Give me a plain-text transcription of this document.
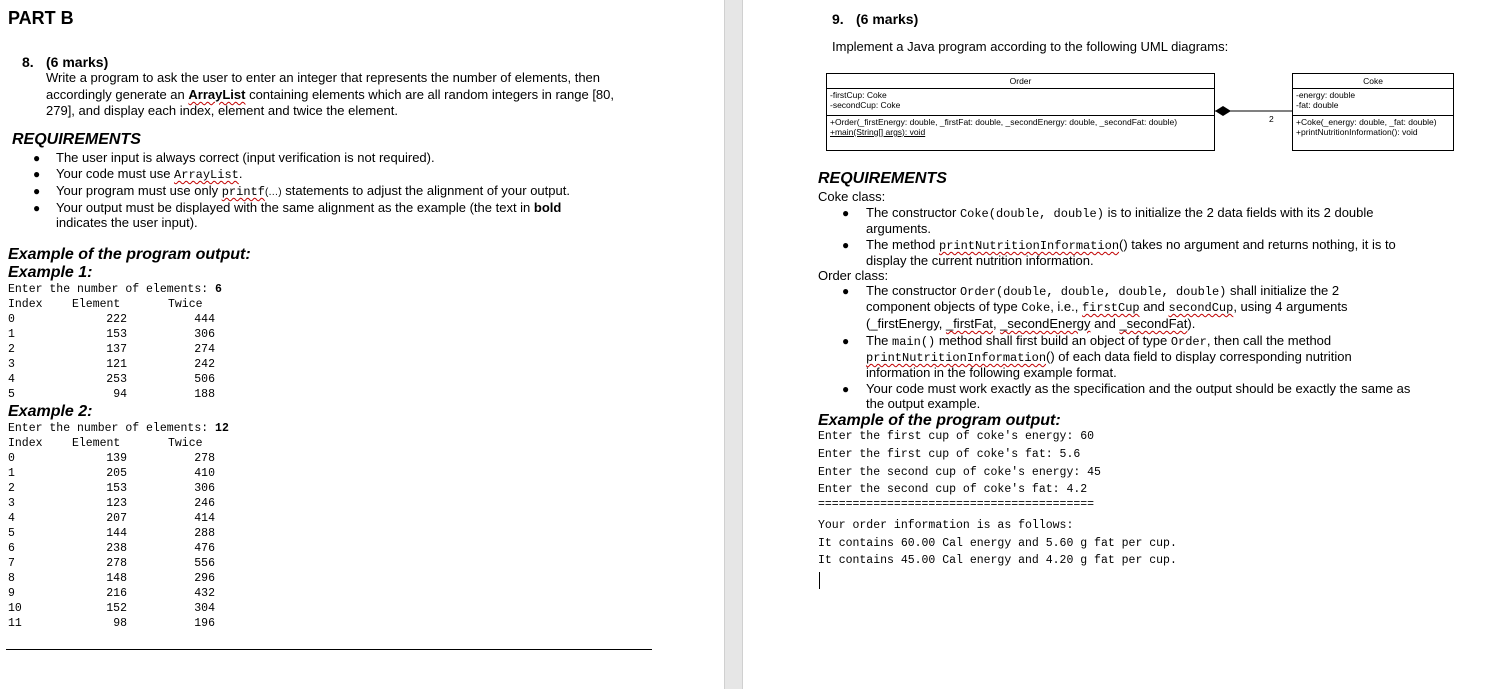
PART B
8. (6 marks)
Write a program to ask the user to enter an integer that represents the number of elements, then
accordingly generate an ArrayList containing elements which are all random integers in range [80,
279], and display each index, element and twice the element.
REQUIREMENTS
● The user input is always correct (input verification is not required).
● Your code must use ArrayList.
● Your program must use only printf(…) statements to adjust the alignment of your output.
● Your output must be displayed with the same alignment as the example (the text in bold
indicates the user input).
Example of the program output:
Example 1:
Enter the number of elements: 6
Index	Element	Twice
0	222	444
1	153	306
2	137	274
3	121	242
4	253	506
5	94	188
Example 2:
Enter the number of elements: 12
Index	Element	Twice
0	139	278
1	205	410
2	153	306
3	123	246
4	207	414
5	144	288
6	238	476
7	278	556
8	148	296
9	216	432
10	152	304
11	98	196
9. (6 marks)
Implement a Java program according to the following UML diagrams:
Order
-firstCup: Coke
-secondCup: Coke
+Order(_firstEnergy: double, _firstFat: double, _secondEnergy: double, _secondFat: double)
+main(String[] args): void
2
Coke
-energy: double
-fat: double
+Coke(_energy: double, _fat: double)
+printNutritionInformation(): void
REQUIREMENTS
Coke class:
● The constructor Coke(double, double) is to initialize the 2 data fields with its 2 double
arguments.
● The method printNutritionInformation() takes no argument and returns nothing, it is to
display the current nutrition information.
Order class:
● The constructor Order(double, double, double, double) shall initialize the 2
component objects of type Coke, i.e., firstCup and secondCup, using 4 arguments
(_firstEnergy, _firstFat, _secondEnergy and _secondFat).
● The main() method shall first build an object of type Order, then call the method
printNutritionInformation() of each data field to display corresponding nutrition
information in the following example format.
● Your code must work exactly as the specification and the output should be exactly the same as
the output example.
Example of the program output:
Enter the first cup of coke's energy: 60
Enter the first cup of coke's fat: 5.6
Enter the second cup of coke's energy: 45
Enter the second cup of coke's fat: 4.2
========================================
Your order information is as follows:
It contains 60.00 Cal energy and 5.60 g fat per cup.
It contains 45.00 Cal energy and 4.20 g fat per cup.
